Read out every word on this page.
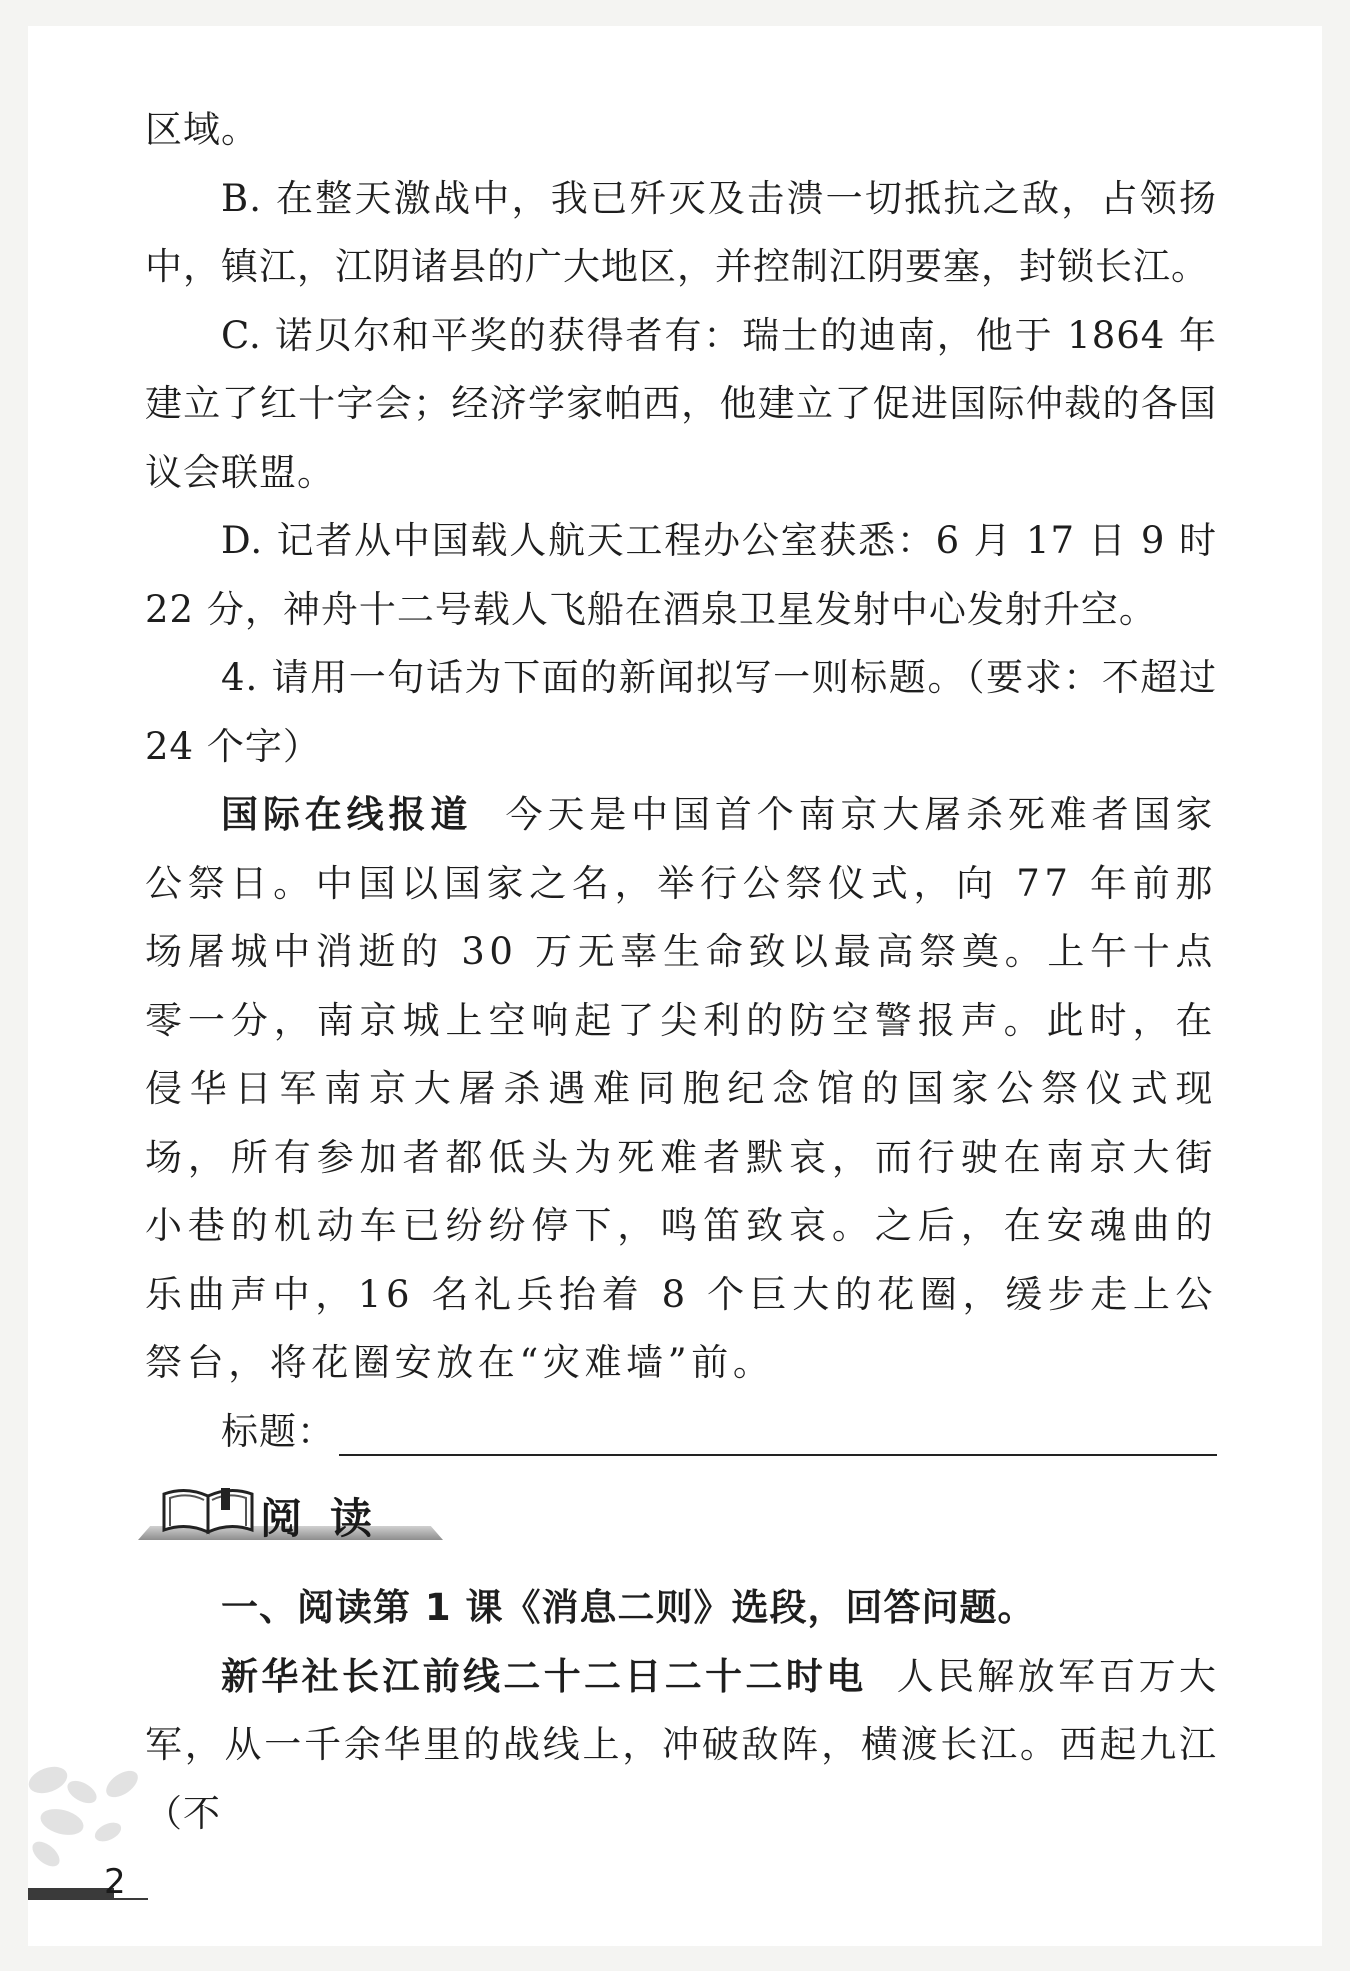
区域。

B. 在整天激战中，我已歼灭及击溃一切抵抗之敌，占领扬中，镇江，江阴诸县的广大地区，并控制江阴要塞，封锁长江。

C. 诺贝尔和平奖的获得者有：瑞士的迪南，他于 1864 年建立了红十字会；经济学家帕西，他建立了促进国际仲裁的各国议会联盟。

D. 记者从中国载人航天工程办公室获悉：6 月 17 日 9 时 22 分，神舟十二号载人飞船在酒泉卫星发射中心发射升空。

4. 请用一句话为下面的新闻拟写一则标题。（要求：不超过 24 个字）

国际在线报道 今天是中国首个南京大屠杀死难者国家公祭日。中国以国家之名，举行公祭仪式，向 77 年前那场屠城中消逝的 30 万无辜生命致以最高祭奠。上午十点零一分，南京城上空响起了尖利的防空警报声。此时，在侵华日军南京大屠杀遇难同胞纪念馆的国家公祭仪式现场，所有参加者都低头为死难者默哀，而行驶在南京大街小巷的机动车已纷纷停下，鸣笛致哀。之后，在安魂曲的乐曲声中，16 名礼兵抬着 8 个巨大的花圈，缓步走上公祭台，将花圈安放在“灾难墙”前。

标题：
阅读

一、阅读第 1 课《消息二则》选段，回答问题。

新华社长江前线二十二日二十二时电 人民解放军百万大军，从一千余华里的战线上，冲破敌阵，横渡长江。西起九江（不

2
